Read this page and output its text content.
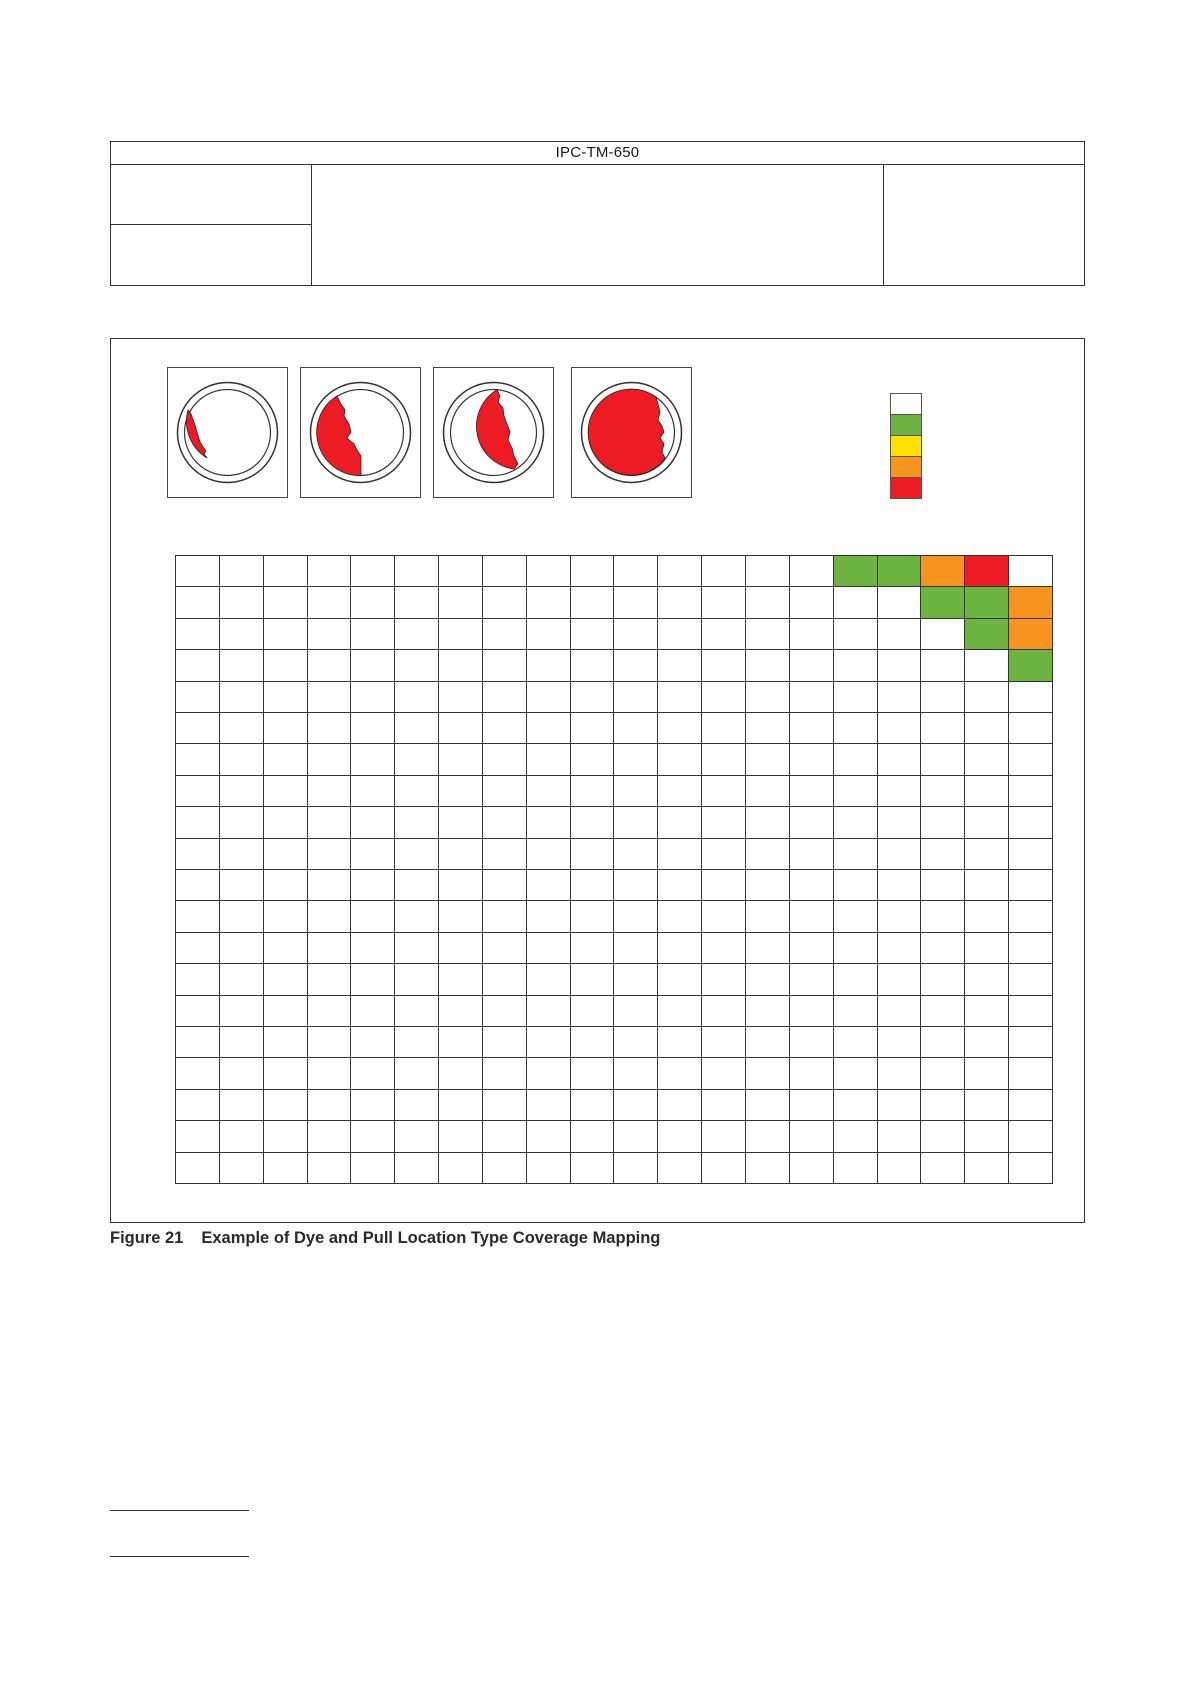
IPC-TM-650
Figure 21 Example of Dye and Pull Location Type Coverage Mapping
